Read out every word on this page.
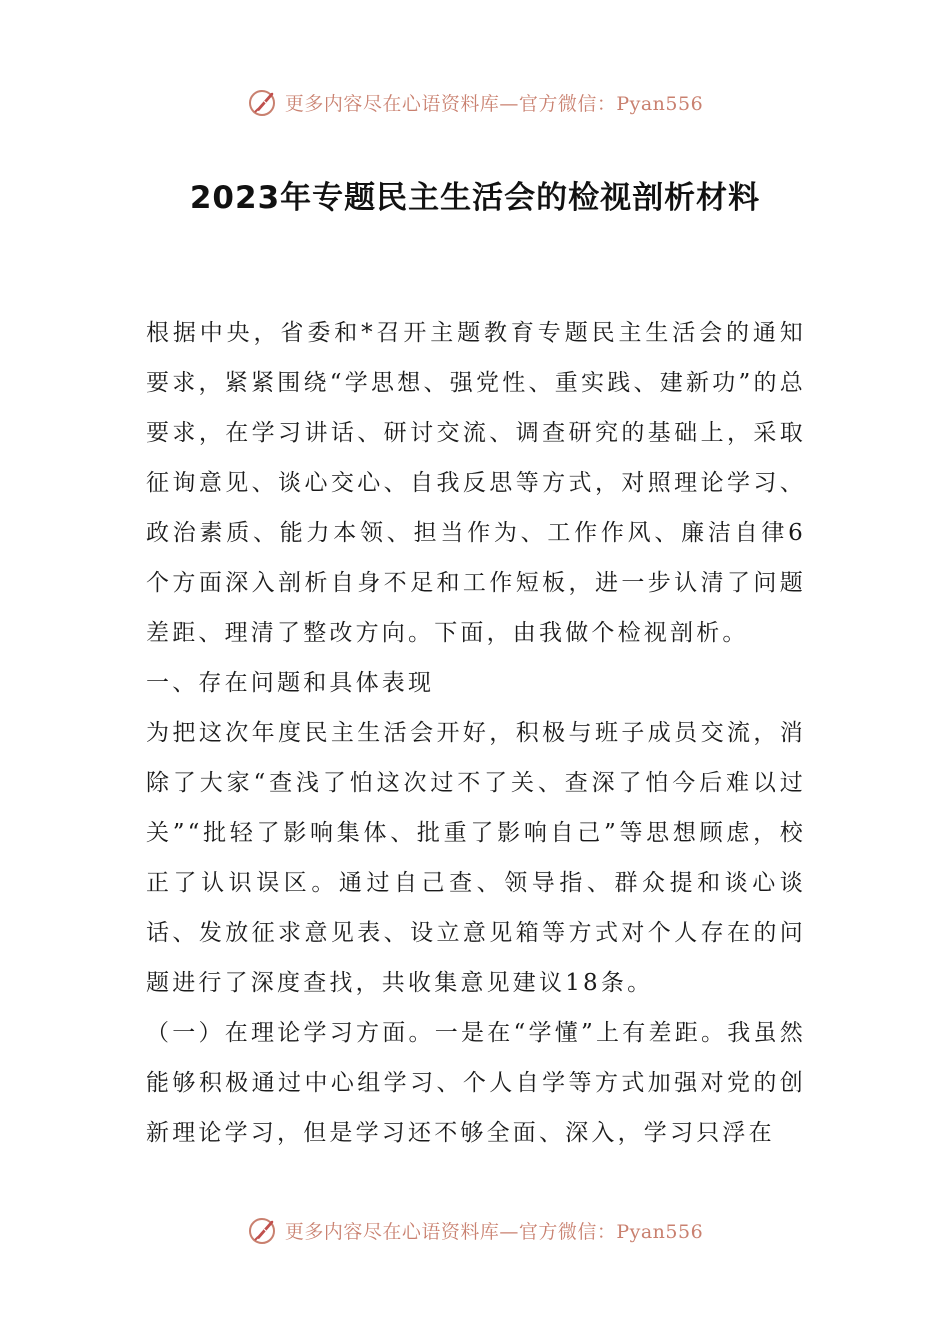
更多内容尽在心语资料库—官方微信：Pyan556
2023年专题民主生活会的检视剖析材料

根据中央，省委和*召开主题教育专题民主生活会的通知要求，紧紧围绕“学思想、强党性、重实践、建新功”的总要求，在学习讲话、研讨交流、调查研究的基础上，采取征询意见、谈心交心、自我反思等方式，对照理论学习、政治素质、能力本领、担当作为、工作作风、廉洁自律6个方面深入剖析自身不足和工作短板，进一步认清了问题差距、理清了整改方向。下面，由我做个检视剖析。

一、存在问题和具体表现

为把这次年度民主生活会开好，积极与班子成员交流，消除了大家“查浅了怕这次过不了关、查深了怕今后难以过关”“批轻了影响集体、批重了影响自己”等思想顾虑，校正了认识误区。通过自己查、领导指、群众提和谈心谈话、发放征求意见表、设立意见箱等方式对个人存在的问题进行了深度查找，共收集意见建议18条。

（一）在理论学习方面。一是在“学懂”上有差距。我虽然能够积极通过中心组学习、个人自学等方式加强对党的创新理论学习，但是学习还不够全面、深入，学习只浮在

更多内容尽在心语资料库—官方微信：Pyan556
